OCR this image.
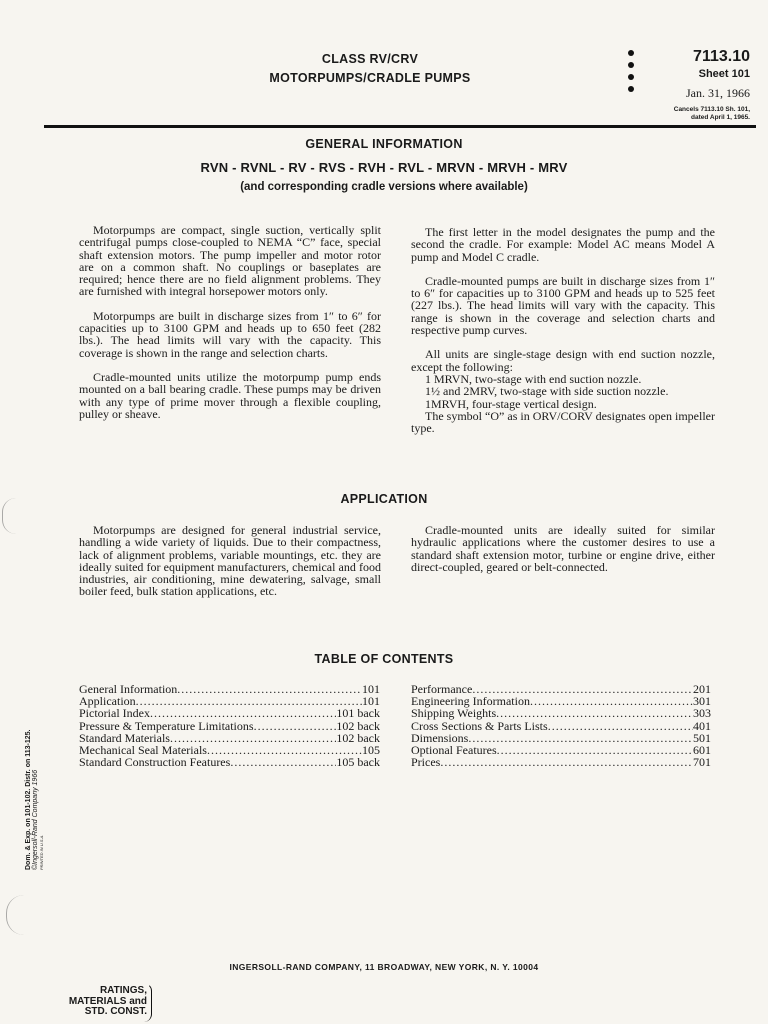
CLASS RV/CRV
MOTORPUMPS/CRADLE PUMPS
7113.10
Sheet 101
Jan. 31, 1966
Cancels 7113.10 Sh. 101,
dated April 1, 1965.
GENERAL INFORMATION
RVN - RVNL - RV - RVS - RVH - RVL - MRVN - MRVH - MRV
(and corresponding cradle versions where available)

Motorpumps are compact, single suction, vertically split centrifugal pumps close-coupled to NEMA “C” face, special shaft extension motors. The pump impeller and motor rotor are on a common shaft. No couplings or baseplates are required; hence there are no field alignment problems. They are furnished with integral horsepower motors only.

Motorpumps are built in discharge sizes from 1″ to 6″ for capacities up to 3100 GPM and heads up to 650 feet (282 lbs.). The head limits will vary with the capacity. This coverage is shown in the range and selection charts.

Cradle-mounted units utilize the motorpump pump ends mounted on a ball bearing cradle. These pumps may be driven with any type of prime mover through a flexible coupling, pulley or sheave.

The first letter in the model designates the pump and the second the cradle. For example: Model AC means Model A pump and Model C cradle.

Cradle-mounted pumps are built in discharge sizes from 1″ to 6″ for capacities up to 3100 GPM and heads up to 525 feet (227 lbs.). The head limits will vary with the capacity. This range is shown in the coverage and selection charts and respective pump curves.

All units are single-stage design with end suction nozzle, except the following:

1 MRVN, two-stage with end suction nozzle.
1½ and 2MRV, two-stage with side suction nozzle.
1MRVH, four-stage vertical design.

The symbol “O” as in ORV/CORV designates open impeller type.

APPLICATION

Motorpumps are designed for general industrial service, handling a wide variety of liquids. Due to their compactness, lack of alignment problems, variable mountings, etc. they are ideally suited for equipment manufacturers, chemical and food industries, air conditioning, mine dewatering, salvage, small boiler feed, bulk station applications, etc.

Cradle-mounted units are ideally suited for similar hydraulic applications where the customer desires to use a standard shaft extension motor, turbine or engine drive, either direct-coupled, geared or belt-connected.

TABLE OF CONTENTS
General Information .....	101
Application .....	101
Pictorial Index .....	101 back
Pressure & Temperature Limitations .....	102 back
Standard Materials .....	102 back
Mechanical Seal Materials .....	105
Standard Construction Features .....	105 back
Performance .....	201
Engineering Information .....	301
Shipping Weights .....	303
Cross Sections & Parts Lists .....	401
Dimensions .....	501
Optional Features .....	601
Prices .....	701
Dom. & Exp. on 101-102. Distr. on 113-125. ©Ingersoll-Rand Company 1966 PRINTED IN U.S.A.
INGERSOLL-RAND COMPANY, 11 BROADWAY, NEW YORK, N. Y. 10004
RATINGS,
MATERIALS and
STD. CONST.
